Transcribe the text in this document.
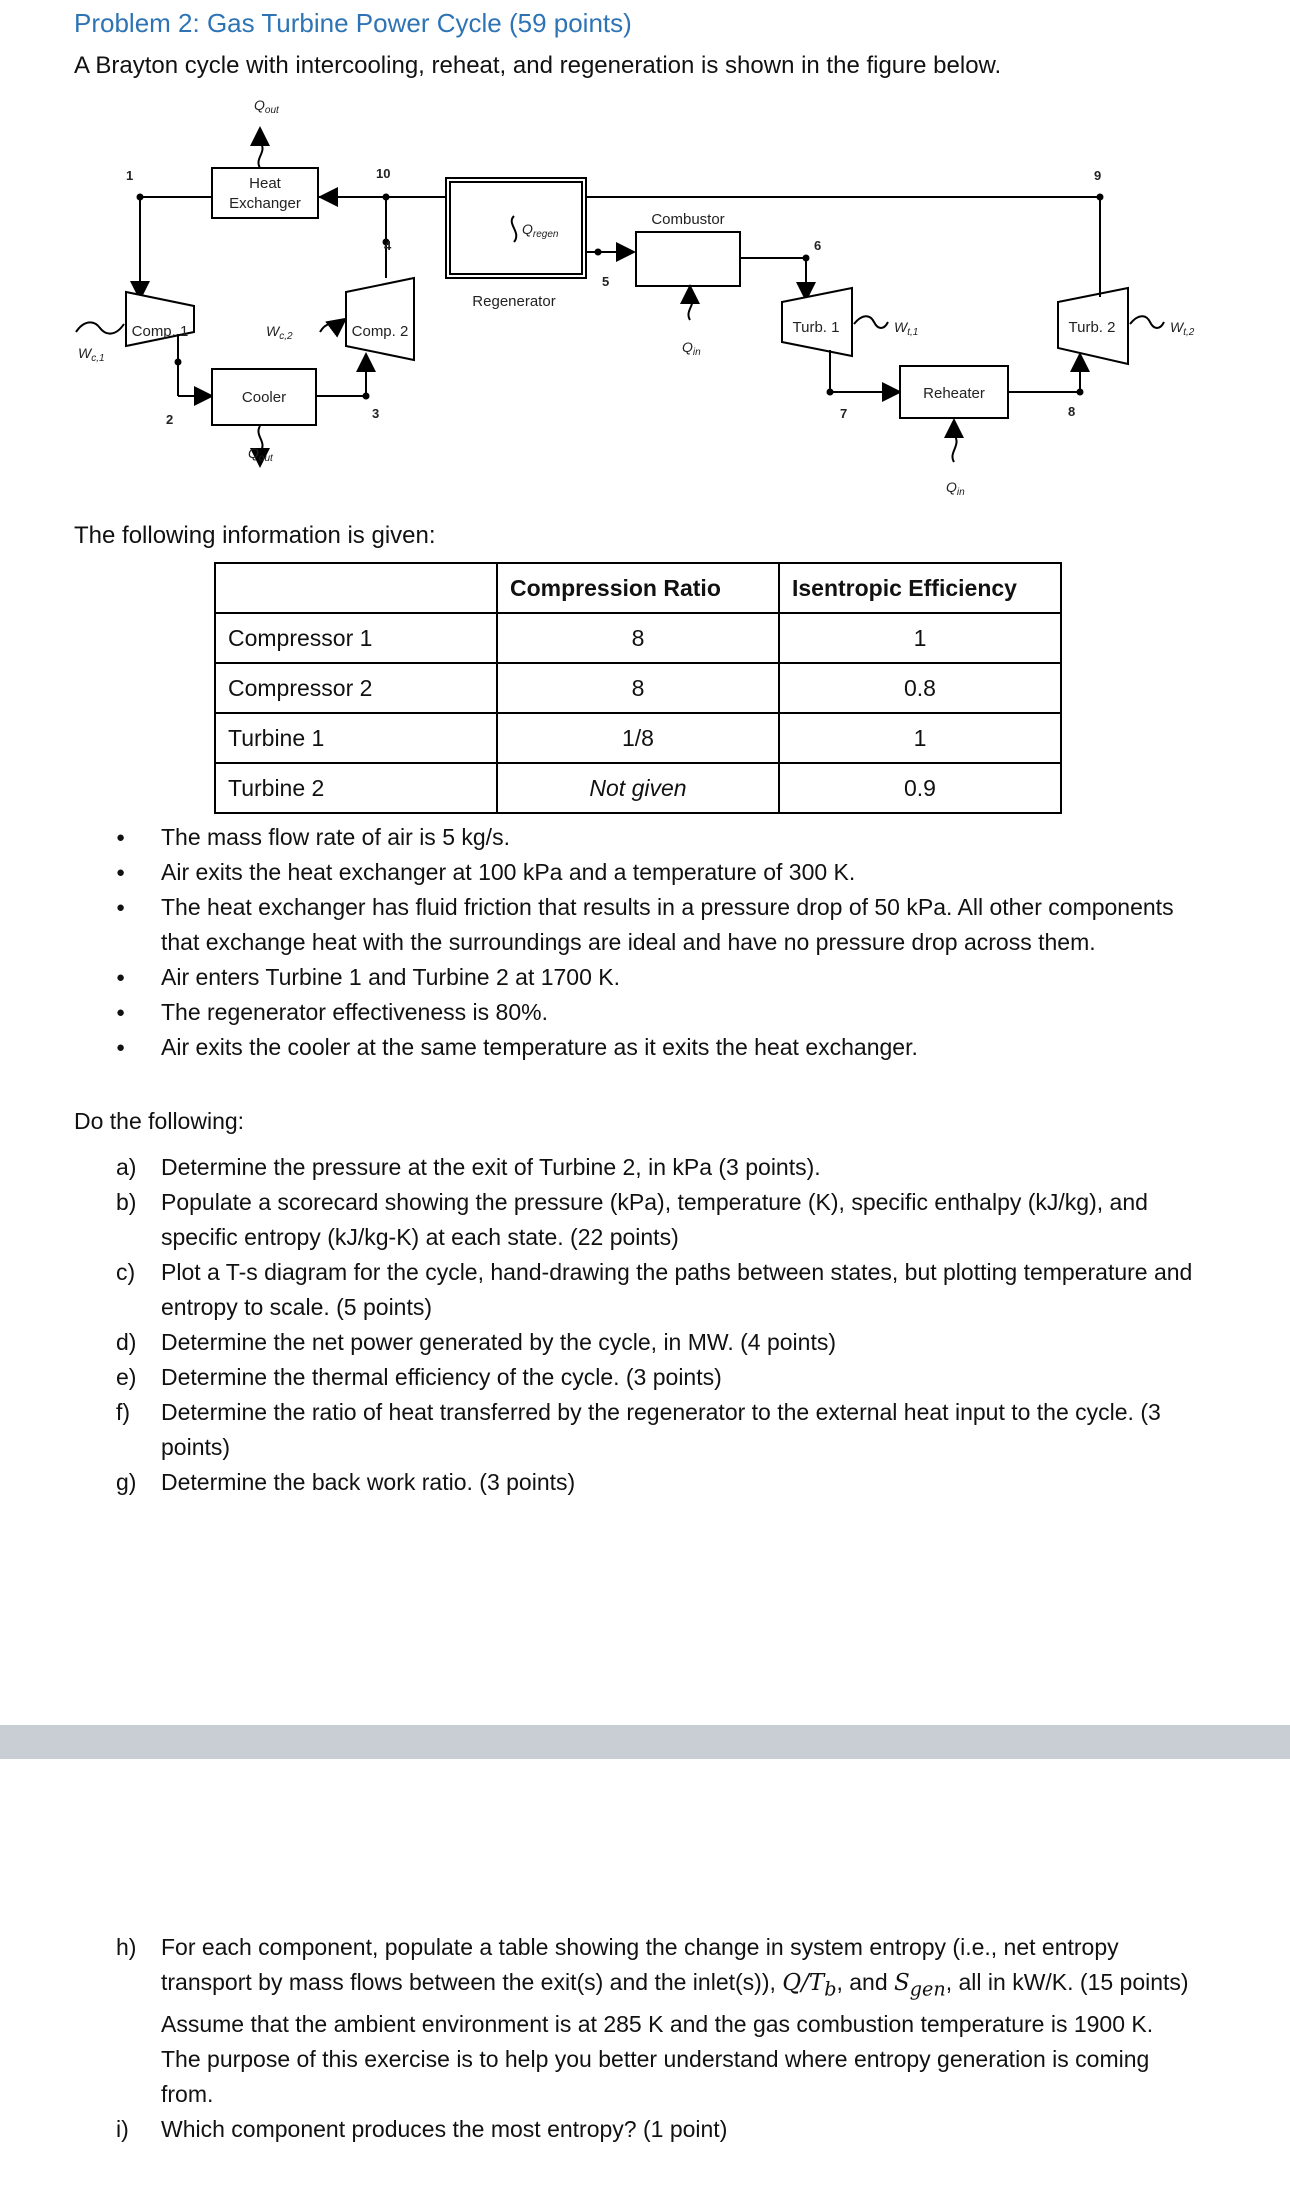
Problem 2: Gas Turbine Power Cycle (59 points)
A Brayton cycle with intercooling, reheat, and regeneration is shown in the figure below.
Heat
Exchanger
Cooler
Regenerator
Combustor
Reheater
Comp. 1	Comp. 2	Turb. 1	Turb. 2
$Q_{out}$
$Q_{out}$
$Q_{in}$
$Q_{in}$
$Q_{regen}$
$W_{c,1}$
$W_{c,2}$
$W_{t,1}$	$W_{t,2}$
1
2	3
4
5
6
7	8
9
10
The following information is given:
	Compression Ratio	Isentropic Efficiency
Compressor 1	8	1
Compressor 2	8	0.8
Turbine 1	1/8	1
Turbine 2	Not given	0.9
● The mass flow rate of air is 5 kg/s.
● Air exits the heat exchanger at 100 kPa and a temperature of 300 K.
● The heat exchanger has fluid friction that results in a pressure drop of 50 kPa. All other components that exchange heat with the surroundings are ideal and have no pressure drop across them.
● Air enters Turbine 1 and Turbine 2 at 1700 K.
● The regenerator effectiveness is 80%.
● Air exits the cooler at the same temperature as it exits the heat exchanger.
Do the following:
a) Determine the pressure at the exit of Turbine 2, in kPa (3 points).
b) Populate a scorecard showing the pressure (kPa), temperature (K), specific enthalpy (kJ/kg), and specific entropy (kJ/kg-K) at each state. (22 points)
c) Plot a T-s diagram for the cycle, hand-drawing the paths between states, but plotting temperature and entropy to scale. (5 points)
d) Determine the net power generated by the cycle, in MW. (4 points)
e) Determine the thermal efficiency of the cycle. (3 points)
f) Determine the ratio of heat transferred by the regenerator to the external heat input to the cycle. (3 points)
g) Determine the back work ratio. (3 points)
h) For each component, populate a table showing the change in system entropy (i.e., net entropy transport by mass flows between the exit(s) and the inlet(s)), $Q/T_b$, and $S_{gen}$, all in kW/K. (15 points) Assume that the ambient environment is at 285 K and the gas combustion temperature is 1900 K. The purpose of this exercise is to help you better understand where entropy generation is coming from.
i) Which component produces the most entropy? (1 point)
